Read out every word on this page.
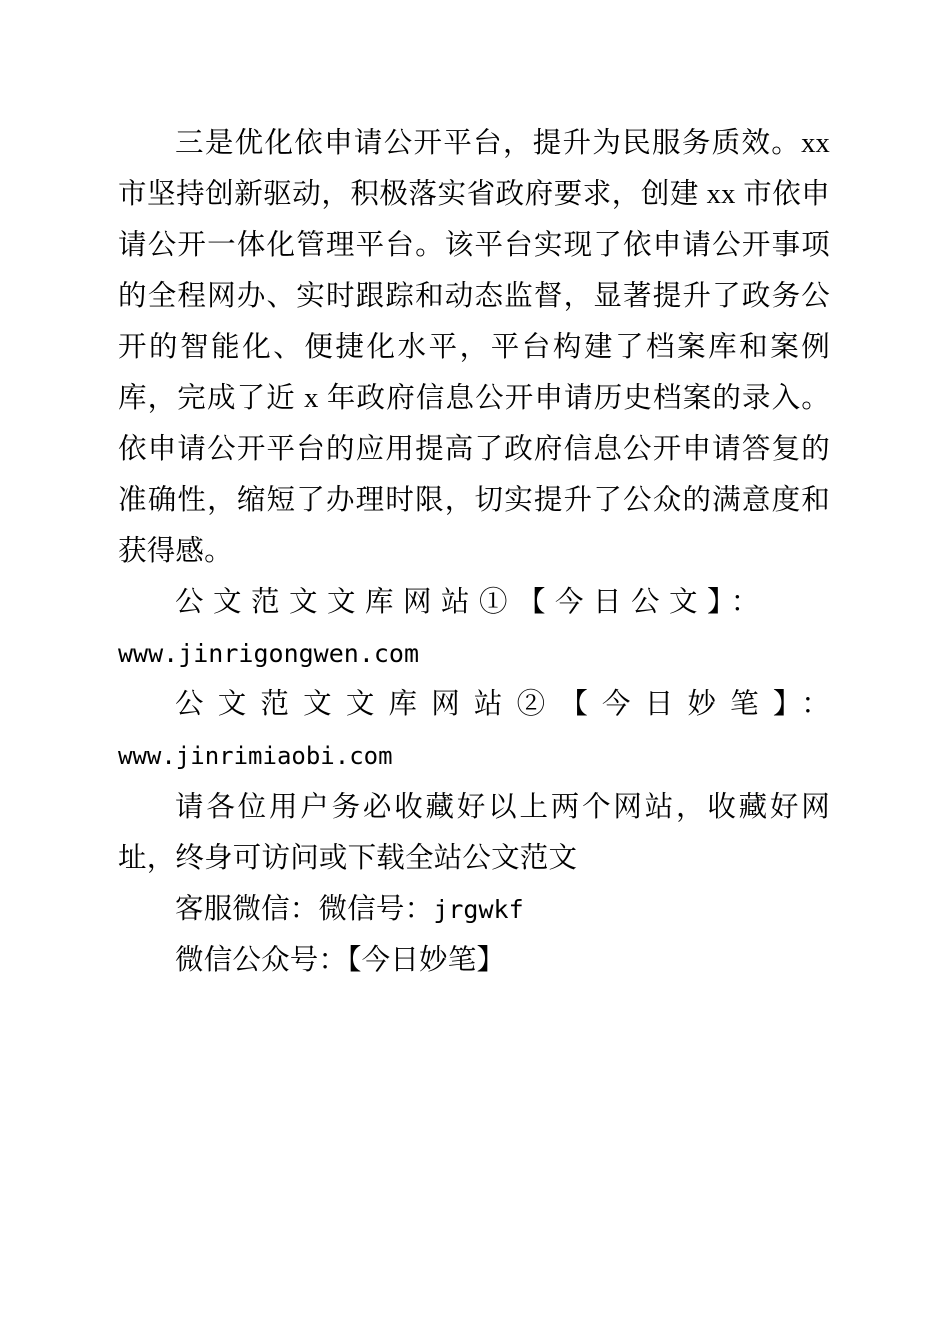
三是优化依申请公开平台，提升为民服务质效。xx 市坚持创新驱动，积极落实省政府要求，创建 xx 市依申请公开一体化管理平台。该平台实现了依申请公开事项的全程网办、实时跟踪和动态监督，显著提升了政务公开的智能化、便捷化水平，平台构建了档案库和案例库，完成了近 x 年政府信息公开申请历史档案的录入。依申请公开平台的应用提高了政府信息公开申请答复的准确性，缩短了办理时限，切实提升了公众的满意度和获得感。

公文范文文库网站①【今日公文】：

www.jinrigongwen.com

公文范文文库网站②【今日妙笔】：www.jinrimiaobi.com

请各位用户务必收藏好以上两个网站，收藏好网址，终身可访问或下载全站公文范文

客服微信：微信号：jrgwkf

微信公众号：【今日妙笔】
